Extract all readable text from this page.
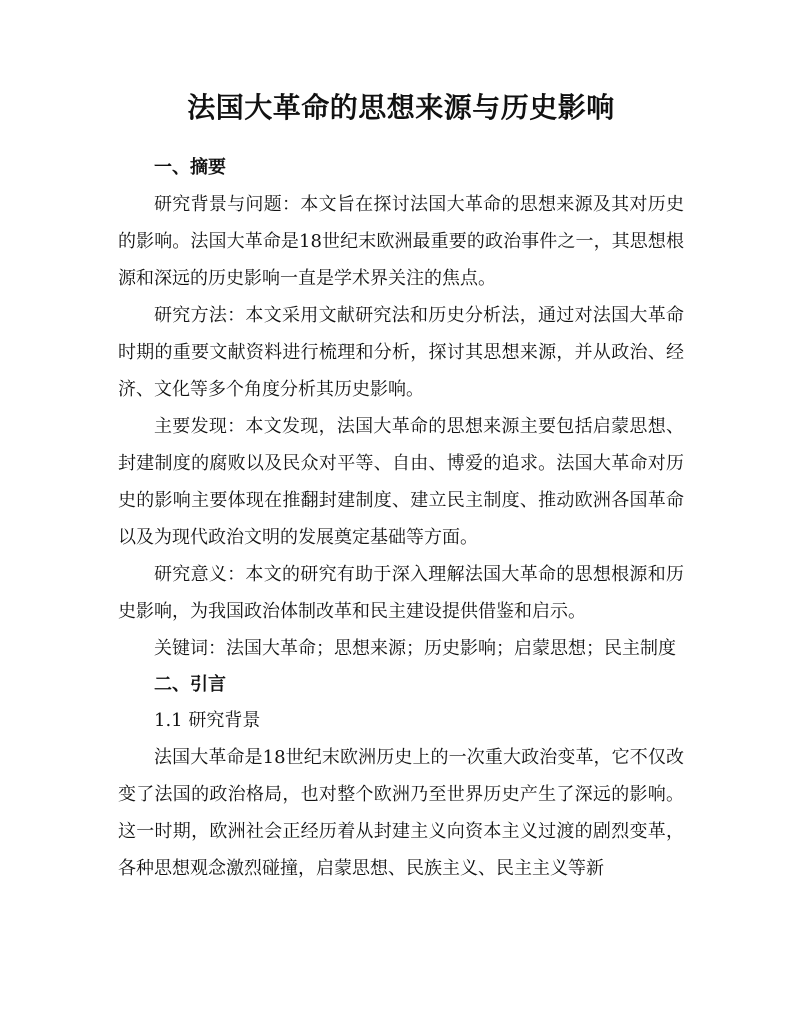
法国大革命的思想来源与历史影响
一、摘要

研究背景与问题：本文旨在探讨法国大革命的思想来源及其对历史的影响。法国大革命是18世纪末欧洲最重要的政治事件之一，其思想根源和深远的历史影响一直是学术界关注的焦点。

研究方法：本文采用文献研究法和历史分析法，通过对法国大革命时期的重要文献资料进行梳理和分析，探讨其思想来源，并从政治、经济、文化等多个角度分析其历史影响。

主要发现：本文发现，法国大革命的思想来源主要包括启蒙思想、封建制度的腐败以及民众对平等、自由、博爱的追求。法国大革命对历史的影响主要体现在推翻封建制度、建立民主制度、推动欧洲各国革命以及为现代政治文明的发展奠定基础等方面。

研究意义：本文的研究有助于深入理解法国大革命的思想根源和历史影响，为我国政治体制改革和民主建设提供借鉴和启示。

关键词：法国大革命；思想来源；历史影响；启蒙思想；民主制度

二、引言
1.1 研究背景

法国大革命是18世纪末欧洲历史上的一次重大政治变革，它不仅改变了法国的政治格局，也对整个欧洲乃至世界历史产生了深远的影响。这一时期，欧洲社会正经历着从封建主义向资本主义过渡的剧烈变革，各种思想观念激烈碰撞，启蒙思想、民族主义、民主主义等新
